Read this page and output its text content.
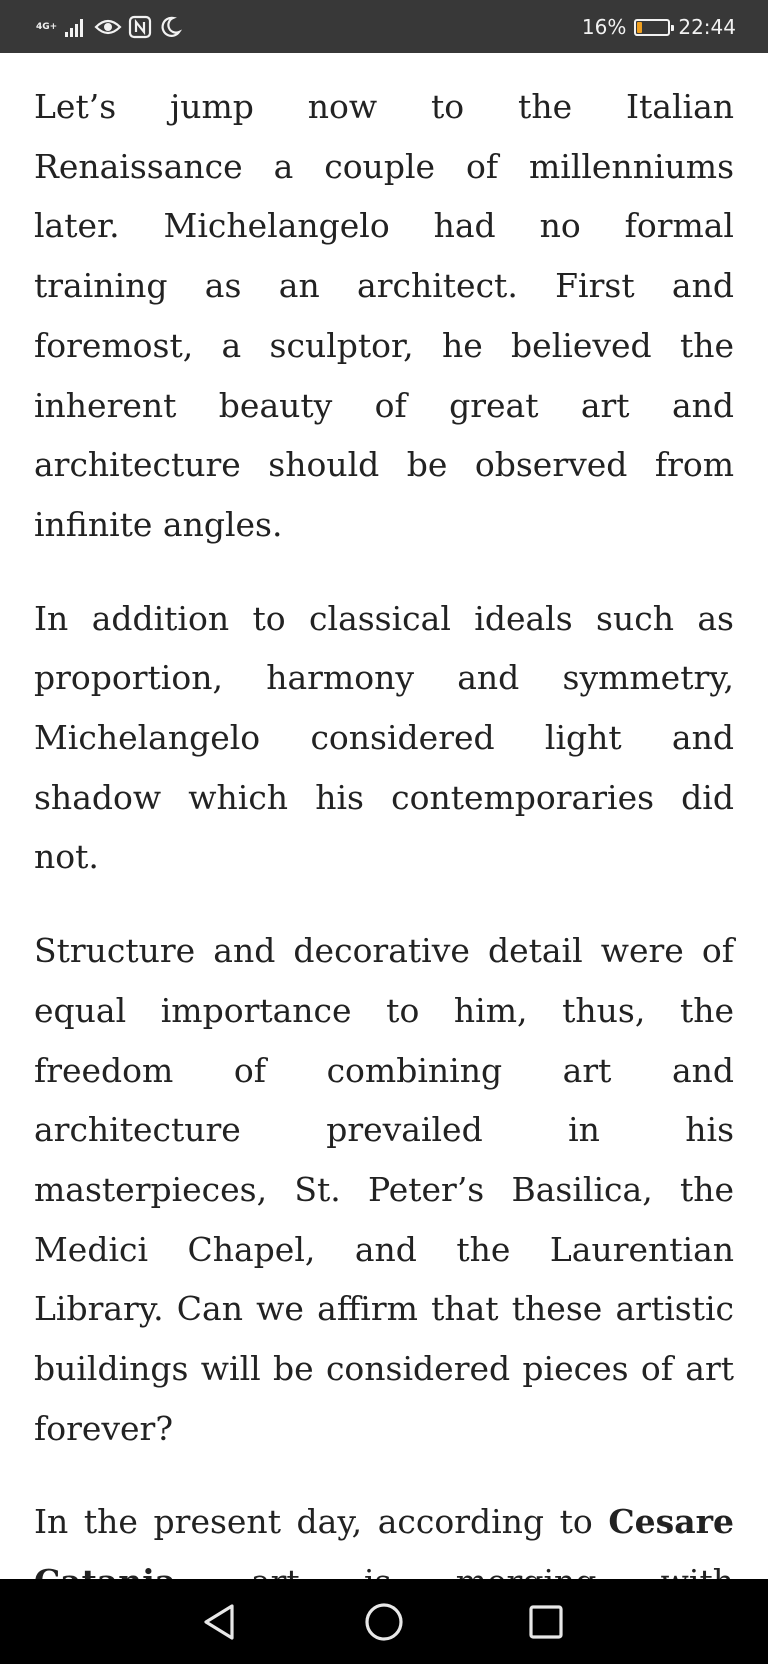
4G+	16%	22:44

Let’s jump now to the Italian Renaissance a couple of millenniums later. Michelangelo had no formal training as an architect. First and foremost, a sculptor, he believed the inherent beauty of great art and architecture should be observed from infinite angles.

In addition to classical ideals such as proportion, harmony and symmetry, Michelangelo considered light and shadow which his contemporaries did not.

Structure and decorative detail were of equal importance to him, thus, the freedom of combining art and architecture prevailed in his masterpieces, St. Peter’s Basilica, the Medici Chapel, and the Laurentian Library. Can we affirm that these artistic buildings will be considered pieces of art forever?

In the present day, according to Cesare
